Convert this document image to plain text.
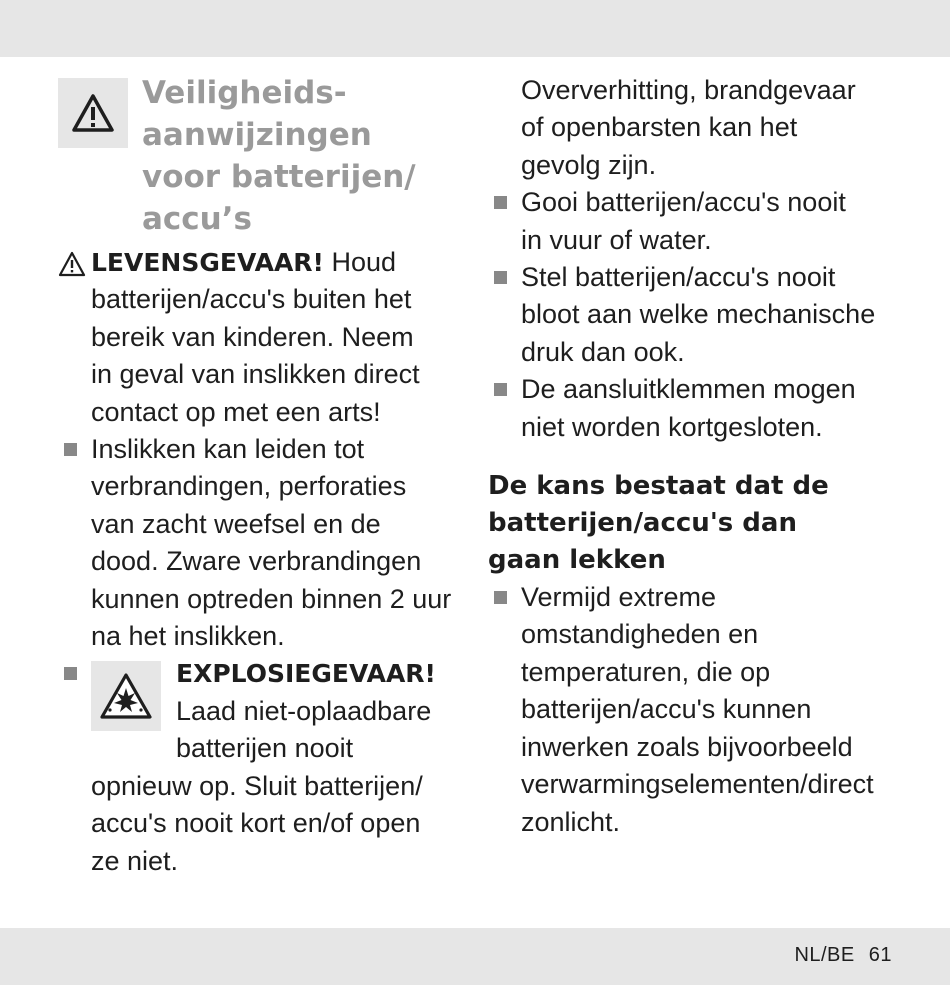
Veiligheids-
aanwijzingen
voor batterijen/
accu’s
LEVENSGEVAAR! Houd
batterijen/accu's buiten het
bereik van kinderen. Neem
in geval van inslikken direct
contact op met een arts!
Inslikken kan leiden tot
verbrandingen, perforaties
van zacht weefsel en de
dood. Zware verbrandingen
kunnen optreden binnen 2 uur
na het inslikken.
EXPLOSIEGEVAAR!
Laad niet-oplaadbare
batterijen nooit
opnieuw op. Sluit batterijen/
accu's nooit kort en/of open
ze niet.
Oververhitting, brandgevaar
of openbarsten kan het
gevolg zijn.
Gooi batterijen/accu's nooit
in vuur of water.
Stel batterijen/accu's nooit
bloot aan welke mechanische
druk dan ook.
De aansluitklemmen mogen
niet worden kortgesloten.
De kans bestaat dat de
batterijen/accu's dan
gaan lekken
Vermijd extreme
omstandigheden en
temperaturen, die op
batterijen/accu's kunnen
inwerken zoals bijvoorbeeld
verwarmingselementen/direct
zonlicht.
NL/BE 61
